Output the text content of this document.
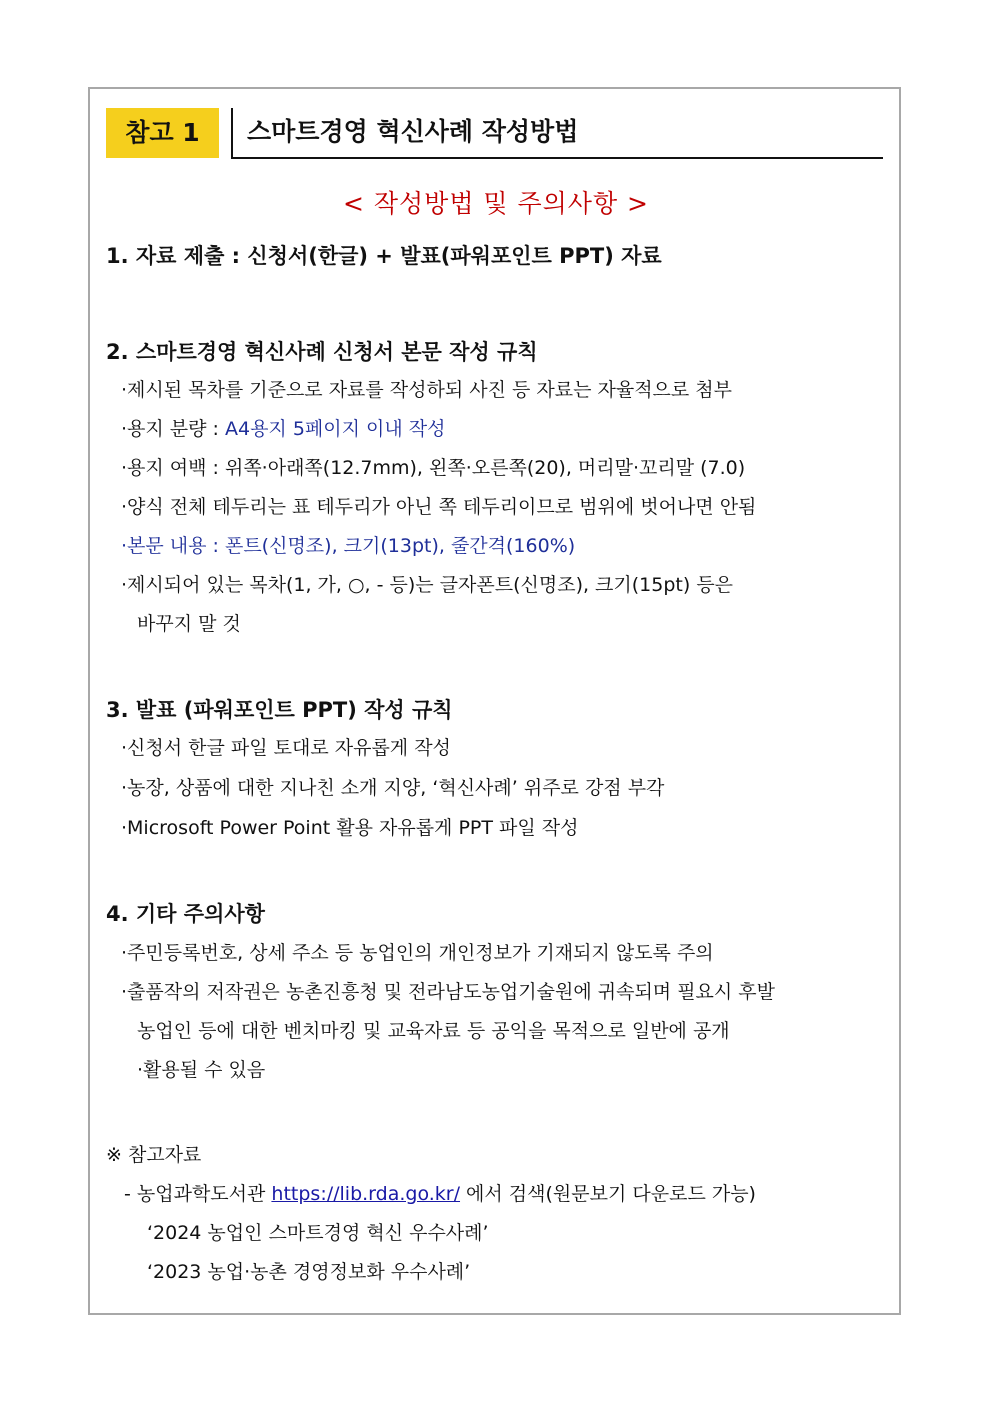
참고 1	스마트경영 혁신사례 작성방법
< 작성방법 및 주의사항 >
1. 자료 제출 : 신청서(한글) + 발표(파워포인트 PPT) 자료
2. 스마트경영 혁신사례 신청서 본문 작성 규칙
·제시된 목차를 기준으로 자료를 작성하되 사진 등 자료는 자율적으로 첨부
·용지 분량 : A4용지 5페이지 이내 작성
·용지 여백 : 위쪽·아래쪽(12.7mm), 왼쪽·오른쪽(20), 머리말·꼬리말 (7.0)
·양식 전체 테두리는 표 테두리가 아닌 쪽 테두리이므로 범위에 벗어나면 안됨
·본문 내용 : 폰트(신명조), 크기(13pt), 줄간격(160%)
·제시되어 있는 목차(1, 가, ○, - 등)는 글자폰트(신명조), 크기(15pt) 등은
바꾸지 말 것
3. 발표 (파워포인트 PPT) 작성 규칙
·신청서 한글 파일 토대로 자유롭게 작성
·농장, 상품에 대한 지나친 소개 지양, ‘혁신사례’ 위주로 강점 부각
·Microsoft Power Point 활용 자유롭게 PPT 파일 작성
4. 기타 주의사항
·주민등록번호, 상세 주소 등 농업인의 개인정보가 기재되지 않도록 주의
·출품작의 저작권은 농촌진흥청 및 전라남도농업기술원에 귀속되며 필요시 후발
농업인 등에 대한 벤치마킹 및 교육자료 등 공익을 목적으로 일반에 공개
·활용될 수 있음
※ 참고자료
- 농업과학도서관 https://lib.rda.go.kr/ 에서 검색(원문보기 다운로드 가능)
‘2024 농업인 스마트경영 혁신 우수사례’
‘2023 농업·농촌 경영정보화 우수사례’
